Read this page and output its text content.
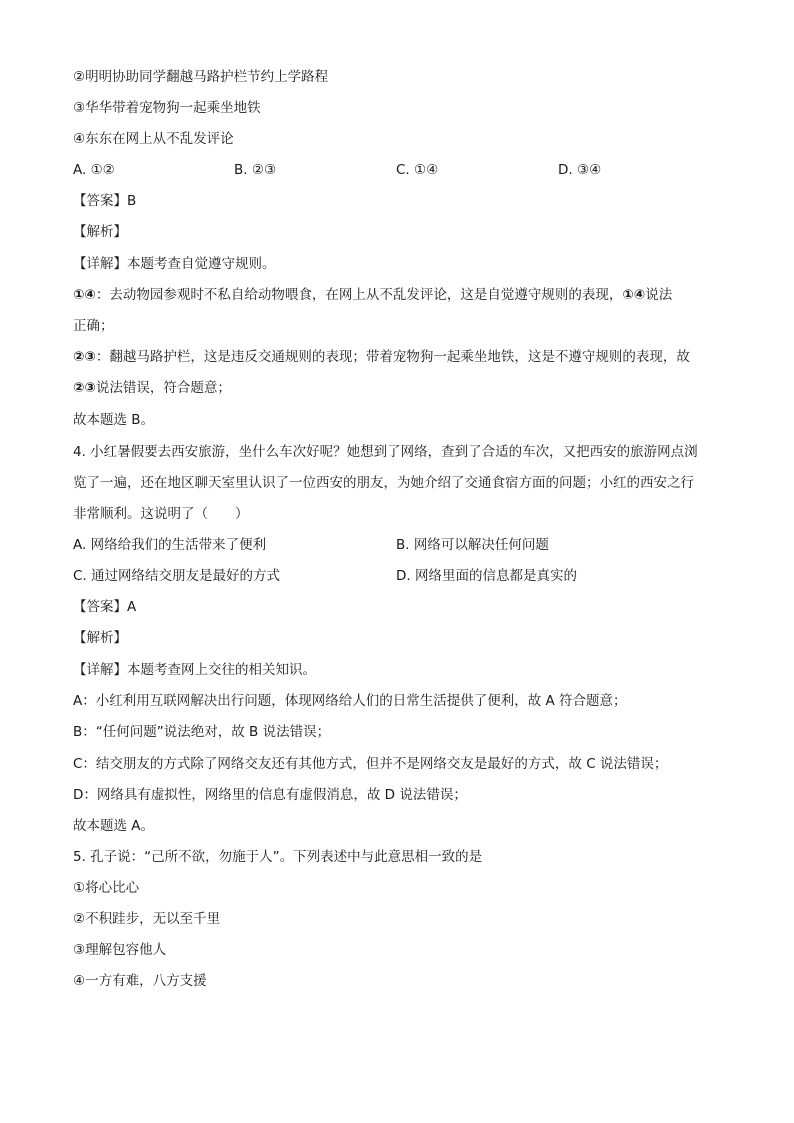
②明明协助同学翻越马路护栏节约上学路程
③华华带着宠物狗一起乘坐地铁
④东东在网上从不乱发评论
A. ①②	B. ②③	C. ①④	D. ③④
【答案】B
【解析】
【详解】本题考查自觉遵守规则。
①④：去动物园参观时不私自给动物喂食，在网上从不乱发评论，这是自觉遵守规则的表现，①④说法
正确；
②③：翻越马路护栏，这是违反交通规则的表现；带着宠物狗一起乘坐地铁，这是不遵守规则的表现，故
②③说法错误，符合题意；
故本题选 B。
4. 小红暑假要去西安旅游，坐什么车次好呢？她想到了网络，查到了合适的车次，又把西安的旅游网点浏
览了一遍，还在地区聊天室里认识了一位西安的朋友，为她介绍了交通食宿方面的问题；小红的西安之行
非常顺利。这说明了（　　）
A. 网络给我们的生活带来了便利	B. 网络可以解决任何问题
C. 通过网络结交朋友是最好的方式	D. 网络里面的信息都是真实的
【答案】A
【解析】
【详解】本题考查网上交往的相关知识。
A：小红利用互联网解决出行问题，体现网络给人们的日常生活提供了便利，故 A 符合题意；
B：“任何问题”说法绝对，故 B 说法错误；
C：结交朋友的方式除了网络交友还有其他方式，但并不是网络交友是最好的方式，故 C 说法错误；
D：网络具有虚拟性，网络里的信息有虚假消息，故 D 说法错误；
故本题选 A。
5. 孔子说：“己所不欲，勿施于人”。下列表述中与此意思相一致的是
①将心比心
②不积跬步，无以至千里
③理解包容他人
④一方有难，八方支援
